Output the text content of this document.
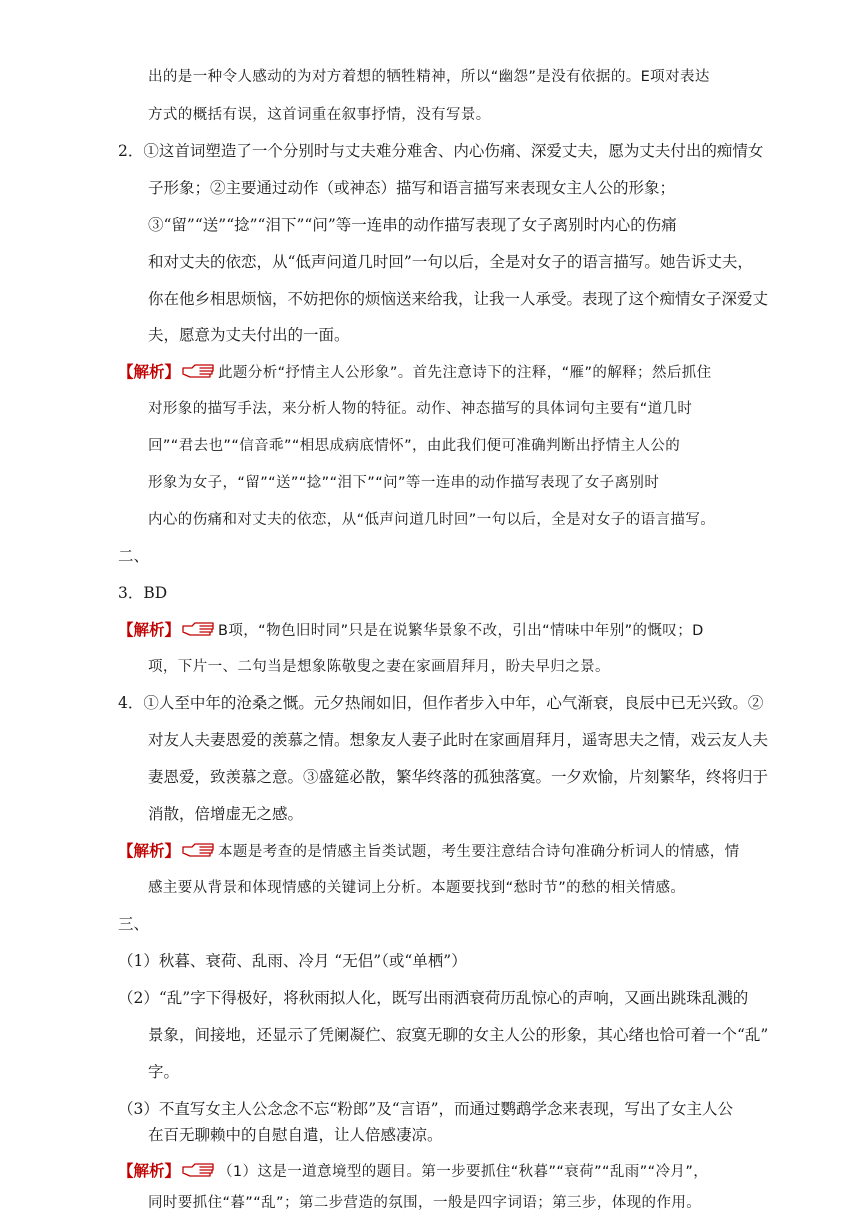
出的是一种令人感动的为对方着想的牺牲精神，所以“幽怨”是没有依据的。E项对表达
方式的概括有误，这首词重在叙事抒情，没有写景。
2．①这首词塑造了一个分别时与丈夫难分难舍、内心伤痛、深爱丈夫，愿为丈夫付出的痴情女
子形象；②主要通过动作（或神态）描写和语言描写来表现女主人公的形象；
③“留”“送”“捻”“泪下”“问”等一连串的动作描写表现了女子离别时内心的伤痛
和对丈夫的依恋，从“低声问道几时回”一句以后，全是对女子的语言描写。她告诉丈夫，
你在他乡相思烦恼，不妨把你的烦恼送来给我，让我一人承受。表现了这个痴情女子深爱丈
夫，愿意为丈夫付出的一面。
【解析】	此题分析“抒情主人公形象”。首先注意诗下的注释，“雁”的解释；然后抓住
对形象的描写手法，来分析人物的特征。动作、神态描写的具体词句主要有“道几时
回”“君去也”“信音乖”“相思成病底情怀”，由此我们便可准确判断出抒情主人公的
形象为女子，“留”“送”“捻”“泪下”“问”等一连串的动作描写表现了女子离别时
内心的伤痛和对丈夫的依恋，从“低声问道几时回”一句以后，全是对女子的语言描写。
二、
3．BD
【解析】	B项，“物色旧时同”只是在说繁华景象不改，引出“情味中年别”的慨叹；D
项，下片一、二句当是想象陈敬叟之妻在家画眉拜月，盼夫早归之景。
4．①人至中年的沧桑之慨。元夕热闹如旧，但作者步入中年，心气渐衰，良辰中已无兴致。②
对友人夫妻恩爱的羡慕之情。想象友人妻子此时在家画眉拜月，遥寄思夫之情，戏云友人夫
妻恩爱，致羡慕之意。③盛筵必散，繁华终落的孤独落寞。一夕欢愉，片刻繁华，终将归于
消散，倍增虚无之感。
【解析】	本题是考查的是情感主旨类试题，考生要注意结合诗句准确分析词人的情感，情
感主要从背景和体现情感的关键词上分析。本题要找到“愁时节”的愁的相关情感。
三、
（1）秋暮、衰荷、乱雨、冷月 “无侣”（或“单栖”）
（2）“乱”字下得极好，将秋雨拟人化，既写出雨洒衰荷历乱惊心的声响，又画出跳珠乱溅的
景象，间接地，还显示了凭阑凝伫、寂寞无聊的女主人公的形象，其心绪也恰可着一个“乱”
字。
（3）不直写女主人公念念不忘“粉郎”及“言语”，而通过鹦鹉学念来表现，写出了女主人公
在百无聊赖中的自慰自遣，让人倍感凄凉。
【解析】	（1）这是一道意境型的题目。第一步要抓住“秋暮”“衰荷”“乱雨”“冷月”，
同时要抓住“暮”“乱”；第二步营造的氛围，一般是四字词语；第三步，体现的作用。
